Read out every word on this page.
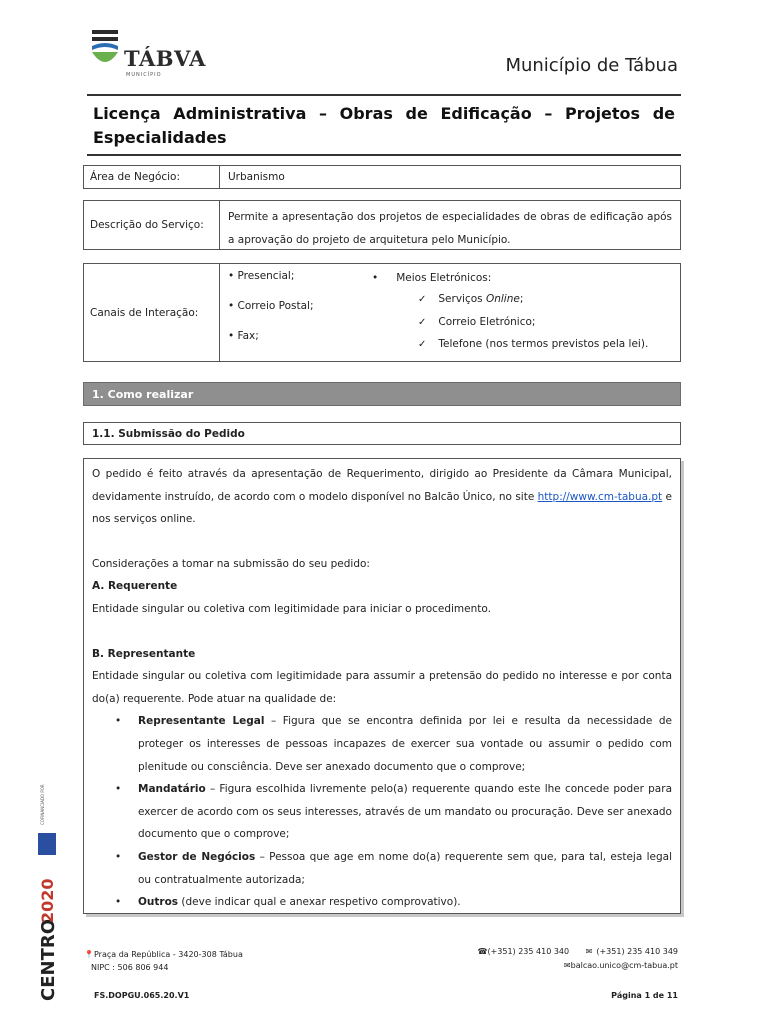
TÁBVA
MUNICÍPIO	Município de Tábua
Licença Administrativa – Obras de Edificação – Projetos de Especialidades
Área de Negócio:	Urbanismo
Descrição do Serviço:
Permite a apresentação dos projetos de especialidades de obras de edificação após a aprovação do projeto de arquitetura pelo Município.
Canais de Interação:
• Presencial;
• Correio Postal;
• Fax;
• Meios Eletrónicos:
✓ Serviços Online;
✓ Correio Eletrónico;
✓ Telefone (nos termos previstos pela lei).
1. Como realizar
1.1. Submissão do Pedido

O pedido é feito através da apresentação de Requerimento, dirigido ao Presidente da Câmara Municipal, devidamente instruído, de acordo com o modelo disponível no Balcão Único, no site http://www.cm-tabua.pt e nos serviços online.

Considerações a tomar na submissão do seu pedido:

A. Requerente

Entidade singular ou coletiva com legitimidade para iniciar o procedimento.

B. Representante

Entidade singular ou coletiva com legitimidade para assumir a pretensão do pedido no interesse e por conta do(a) requerente. Pode atuar na qualidade de:

• Representante Legal – Figura que se encontra definida por lei e resulta da necessidade de proteger os interesses de pessoas incapazes de exercer sua vontade ou assumir o pedido com plenitude ou consciência. Deve ser anexado documento que o comprove;
• Mandatário – Figura escolhida livremente pelo(a) requerente quando este lhe concede poder para exercer de acordo com os seus interesses, através de um mandato ou procuração. Deve ser anexado documento que o comprove;
• Gestor de Negócios – Pessoa que age em nome do(a) requerente sem que, para tal, esteja legal ou contratualmente autorizada;
• Outros (deve indicar qual e anexar respetivo comprovativo).
📍Praça da República - 3420-308 Tábua
NIPC : 506 806 944
☎(+351) 235 410 340 ✉ (+351) 235 410 349
✉balcao.unico@cm-tabua.pt
FS.DOPGU.065.20.V1	Página 1 de 11
CENTRO
2020
COFINANCIADO POR
